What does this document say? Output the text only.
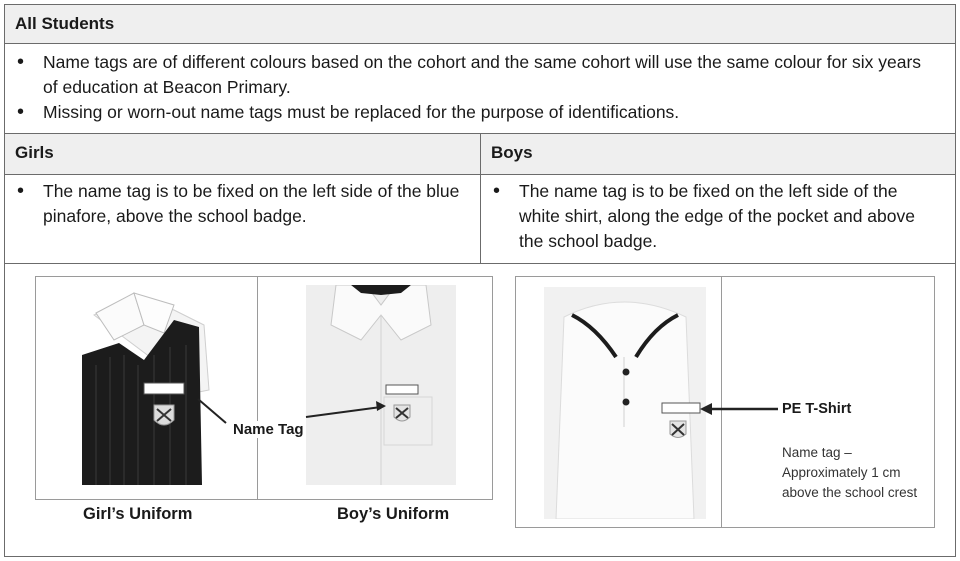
All Students
• Name tags are of different colours based on the cohort and the same cohort will use the same colour for six years of education at Beacon Primary.
• Missing or worn-out name tags must be replaced for the purpose of identifications.
Girls	Boys
• The name tag is to be fixed on the left side of the blue pinafore, above the school badge.
• The name tag is to be fixed on the left side of the white shirt, along the edge of the pocket and above the school badge.
Name Tag
Girl’s Uniform	Boy’s Uniform
PE T-Shirt
Name tag –
Approximately 1 cm
above the school crest
